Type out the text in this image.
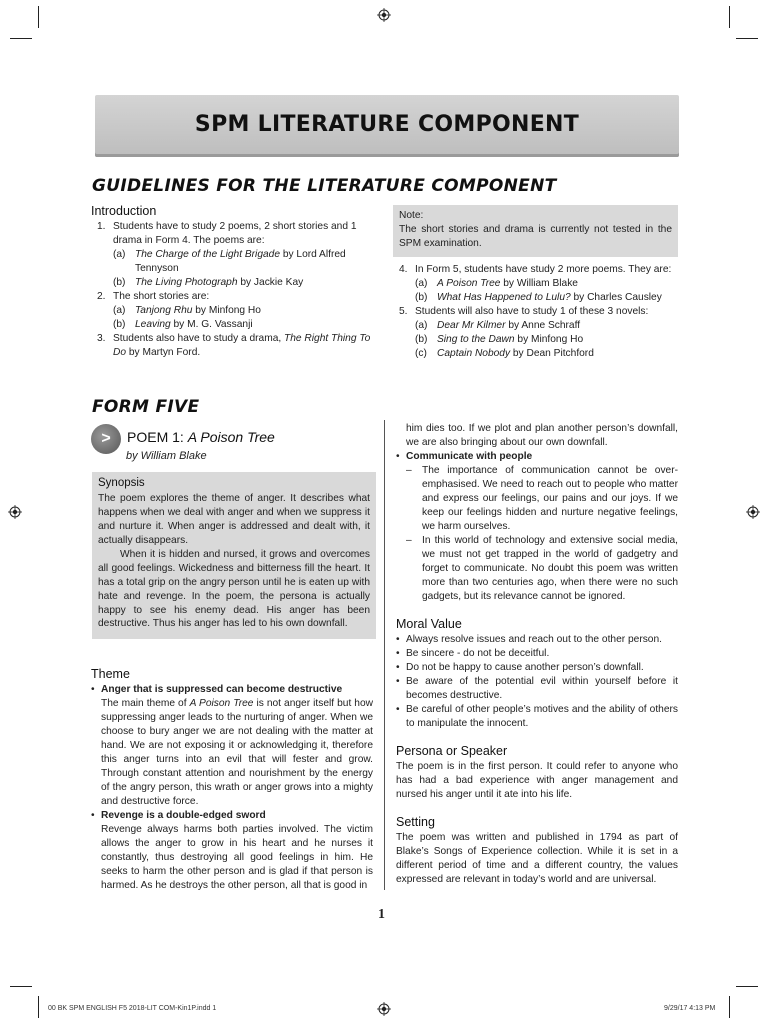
SPM LITERATURE COMPONENT
GUIDELINES FOR THE LITERATURE COMPONENT
Introduction
1. Students have to study 2 poems, 2 short stories and 1 drama in Form 4. The poems are:
(a) The Charge of the Light Brigade by Lord Alfred Tennyson
(b) The Living Photograph by Jackie Kay
2. The short stories are:
(a) Tanjong Rhu by Minfong Ho
(b) Leaving by M. G. Vassanji
3. Students also have to study a drama, The Right Thing To Do by Martyn Ford.
Note:
The short stories and drama is currently not tested in the SPM examination.
4. In Form 5, students have study 2 more poems. They are:
(a) A Poison Tree by William Blake
(b) What Has Happened to Lulu? by Charles Causley
5. Students will also have to study 1 of these 3 novels:
(a) Dear Mr Kilmer by Anne Schraff
(b) Sing to the Dawn by Minfong Ho
(c) Captain Nobody by Dean Pitchford
FORM FIVE
>	POEM 1: A Poison Tree
by William Blake
Synopsis

The poem explores the theme of anger. It describes what happens when we deal with anger and when we suppress it and nurture it. When anger is addressed and dealt with, it actually disappears.

When it is hidden and nursed, it grows and overcomes all good feelings. Wickedness and bitterness fill the heart. It has a total grip on the angry person until he is eaten up with hate and revenge. In the poem, the persona is actually happy to see his enemy dead. His anger has been destructive. Thus his anger has led to his own downfall.

Theme
• Anger that is suppressed can become destructive
The main theme of A Poison Tree is not anger itself but how suppressing anger leads to the nurturing of anger. When we choose to bury anger we are not dealing with the matter at hand. We are not exposing it or acknowledging it, therefore this anger turns into an evil that will fester and grow. Through constant attention and nourishment by the energy of the angry person, this wrath or anger grows into a mighty and destructive force.
• Revenge is a double-edged sword
Revenge always harms both parties involved. The victim allows the anger to grow in his heart and he nurses it constantly, thus destroying all good feelings in him. He seeks to harm the other person and is glad if that person is harmed. As he destroys the other person, all that is good in

him dies too. If we plot and plan another person’s downfall, we are also bringing about our own downfall.

• Communicate with people
– The importance of communication cannot be over-emphasised. We need to reach out to people who matter and express our feelings, our pains and our joys. If we keep our feelings hidden and nurture negative feelings, we harm ourselves.
– In this world of technology and extensive social media, we must not get trapped in the world of gadgetry and forget to communicate. No doubt this poem was written more than two centuries ago, when there were no such gadgets, but its relevance cannot be ignored.
Moral Value
• Always resolve issues and reach out to the other person.
• Be sincere - do not be deceitful.
• Do not be happy to cause another person’s downfall.
• Be aware of the potential evil within yourself before it becomes destructive.
• Be careful of other people’s motives and the ability of others to manipulate the innocent.
Persona or Speaker

The poem is in the first person. It could refer to anyone who has had a bad experience with anger management and nursed his anger until it ate into his life.

Setting

The poem was written and published in 1794 as part of Blake’s Songs of Experience collection. While it is set in a different period of time and a different country, the values expressed are relevant in today’s world and are universal.

1
00 BK SPM ENGLISH F5 2018-LIT COM-Kin1P.indd 1	9/29/17 4:13 PM
